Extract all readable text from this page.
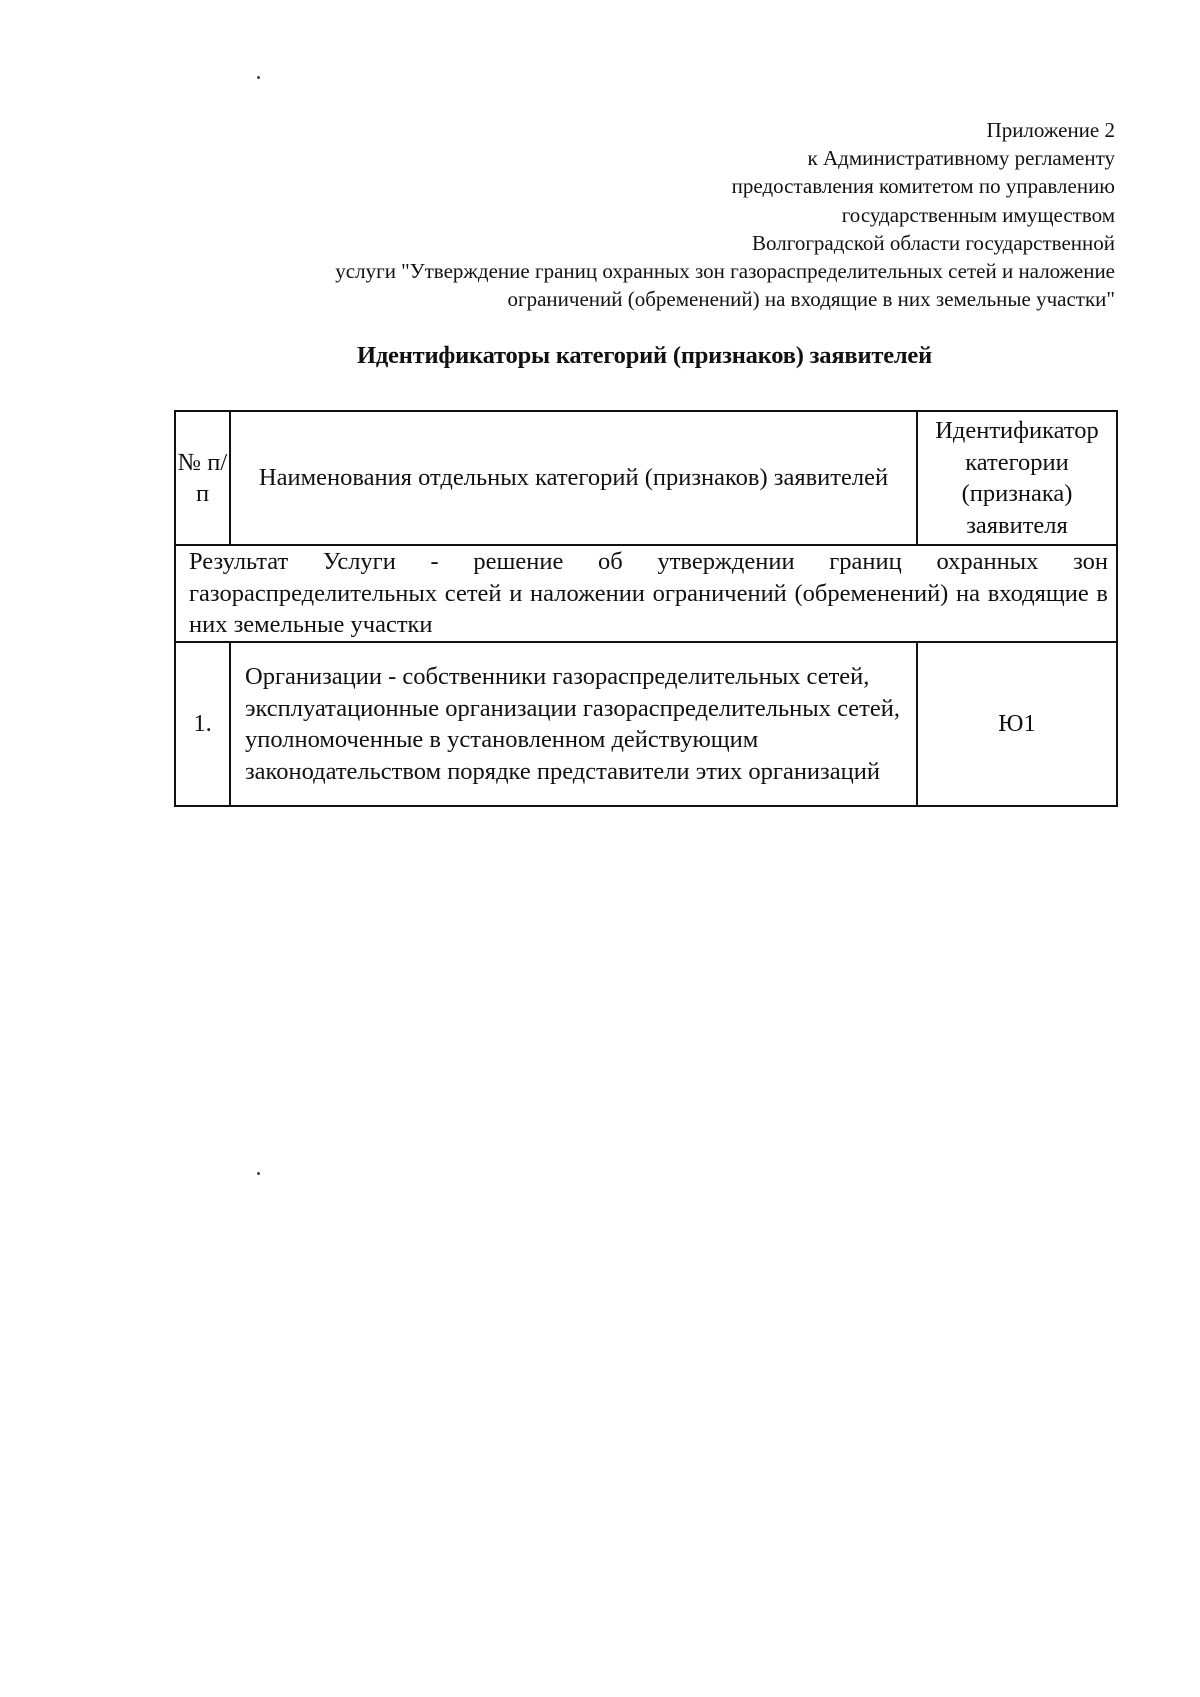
Приложение 2
к Административному регламенту
предоставления комитетом по управлению
государственным имуществом
Волгоградской области государственной
услуги "Утверждение границ охранных зон газораспределительных сетей и наложение
ограничений (обременений) на входящие в них земельные участки"
Идентификаторы категорий (признаков) заявителей
№ п/п	Наименования отдельных категорий (признаков) заявителей	Идентификатор категории (признака) заявителя
Результат Услуги - решение об утверждении границ охранных зон газораспределительных сетей и наложении ограничений (обременений) на входящие в них земельные участки		
1.	Организации - собственники газораспределительных сетей, эксплуатационные организации газораспределительных сетей, уполномоченные в установленном действующим законодательством порядке представители этих организаций	Ю1
